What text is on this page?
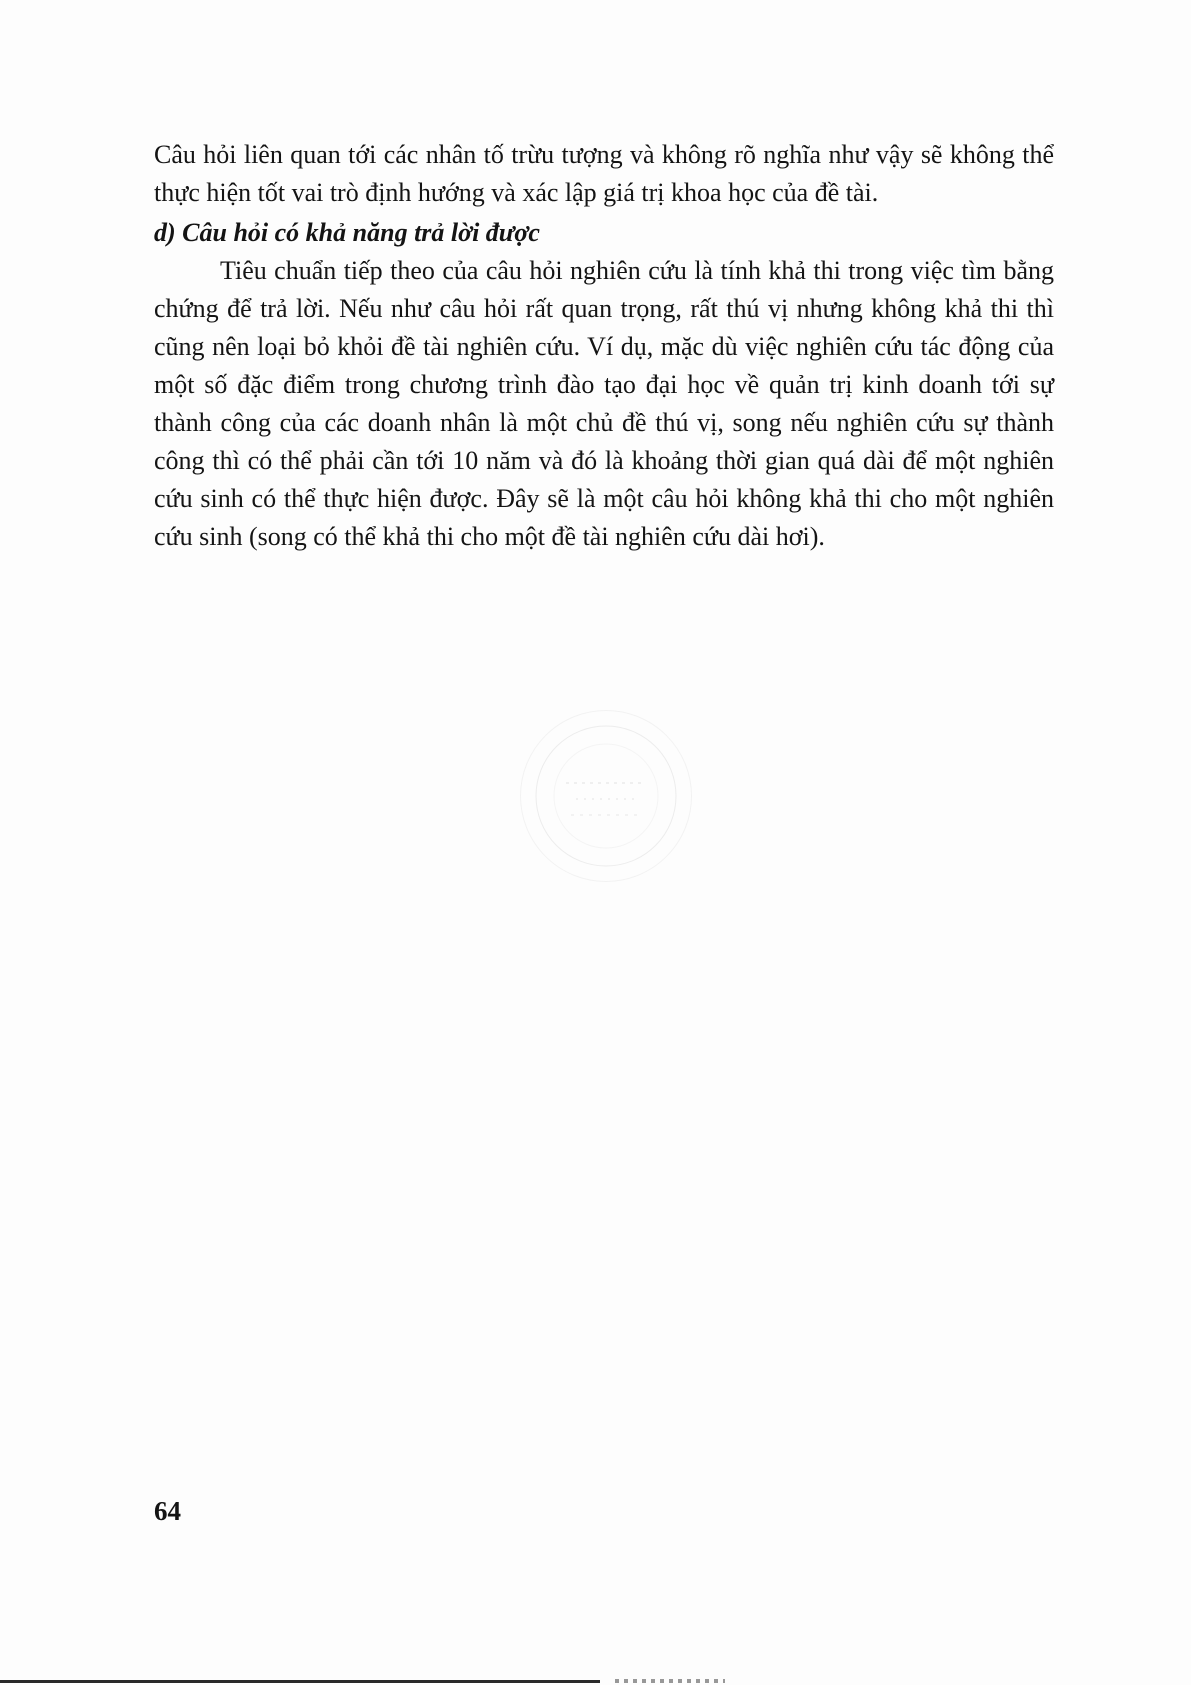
Câu hỏi liên quan tới các nhân tố trừu tượng và không rõ nghĩa như vậy sẽ không thể thực hiện tốt vai trò định hướng và xác lập giá trị khoa học của đề tài.

d) Câu hỏi có khả năng trả lời được

Tiêu chuẩn tiếp theo của câu hỏi nghiên cứu là tính khả thi trong việc tìm bằng chứng để trả lời. Nếu như câu hỏi rất quan trọng, rất thú vị nhưng không khả thi thì cũng nên loại bỏ khỏi đề tài nghiên cứu. Ví dụ, mặc dù việc nghiên cứu tác động của một số đặc điểm trong chương trình đào tạo đại học về quản trị kinh doanh tới sự thành công của các doanh nhân là một chủ đề thú vị, song nếu nghiên cứu sự thành công thì có thể phải cần tới 10 năm và đó là khoảng thời gian quá dài để một nghiên cứu sinh có thể thực hiện được. Đây sẽ là một câu hỏi không khả thi cho một nghiên cứu sinh (song có thể khả thi cho một đề tài nghiên cứu dài hơi).

64
